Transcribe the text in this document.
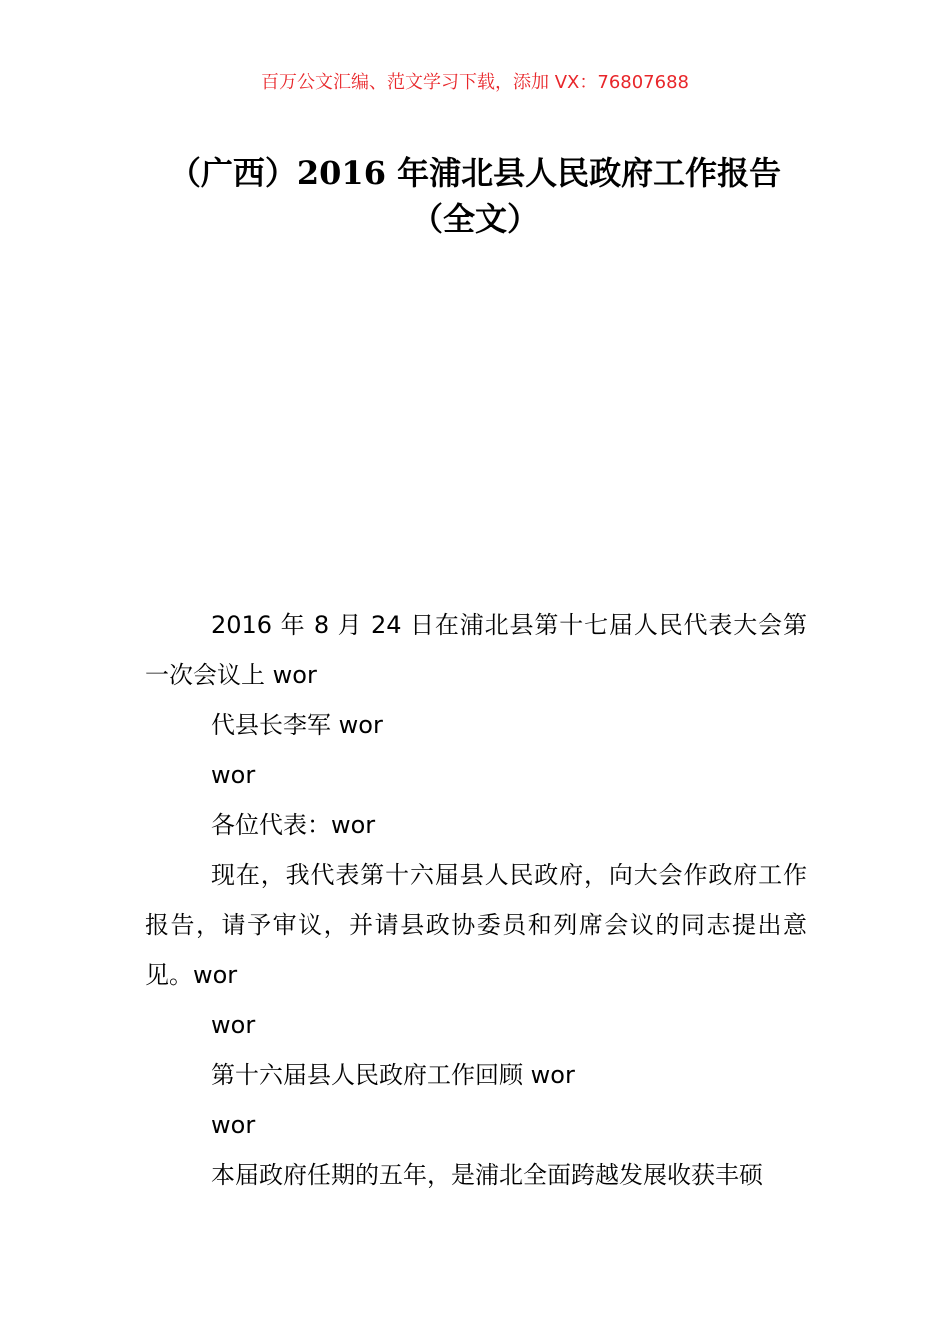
百万公文汇编、范文学习下载，添加 VX：76807688
（广西）2016 年浦北县人民政府工作报告
（全文）

2016 年 8 月 24 日在浦北县第十七届人民代表大会第一次会议上 wor

代县长李军 wor

wor

各位代表：wor

现在，我代表第十六届县人民政府，向大会作政府工作报告，请予审议，并请县政协委员和列席会议的同志提出意见。wor

wor

第十六届县人民政府工作回顾 wor

wor

本届政府任期的五年，是浦北全面跨越发展收获丰硕
